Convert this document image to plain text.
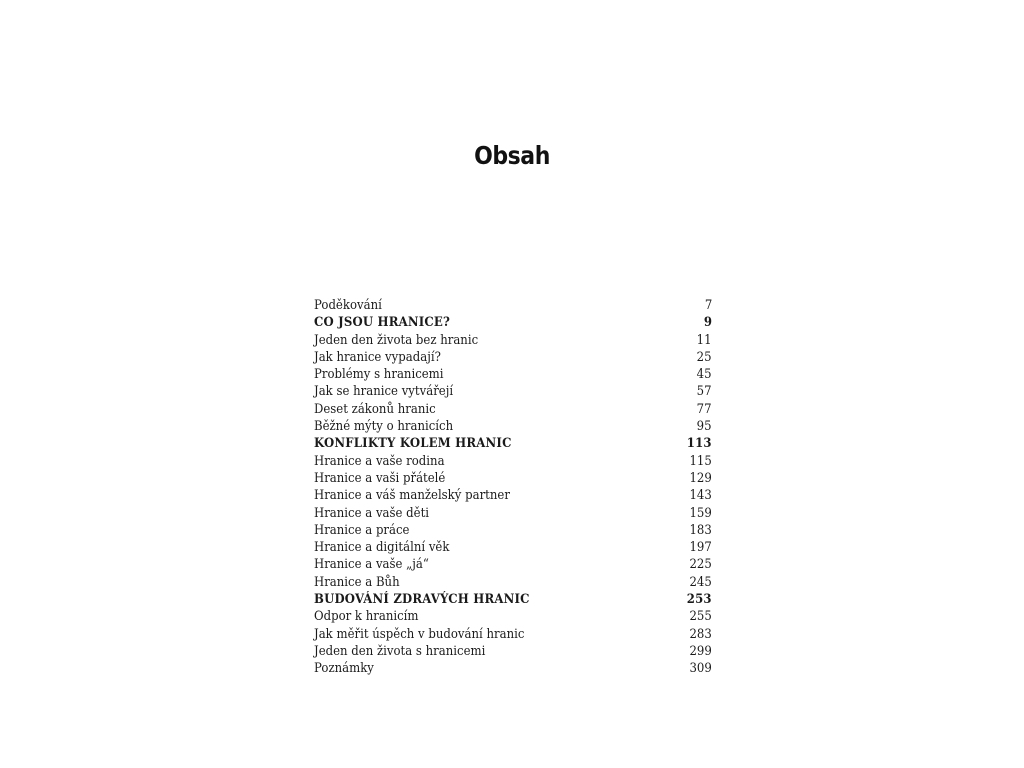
Obsah
Poděkování	7
CO JSOU HRANICE?	9
Jeden den života bez hranic	11
Jak hranice vypadají?	25
Problémy s hranicemi	45
Jak se hranice vytvářejí	57
Deset zákonů hranic	77
Běžné mýty o hranicích	95
KONFLIKTY KOLEM HRANIC	113
Hranice a vaše rodina	115
Hranice a vaši přátelé	129
Hranice a váš manželský partner	143
Hranice a vaše děti	159
Hranice a práce	183
Hranice a digitální věk	197
Hranice a vaše „já“	225
Hranice a Bůh	245
BUDOVÁNÍ ZDRAVÝCH HRANIC	253
Odpor k hranicím	255
Jak měřit úspěch v budování hranic	283
Jeden den života s hranicemi	299
Poznámky	309
